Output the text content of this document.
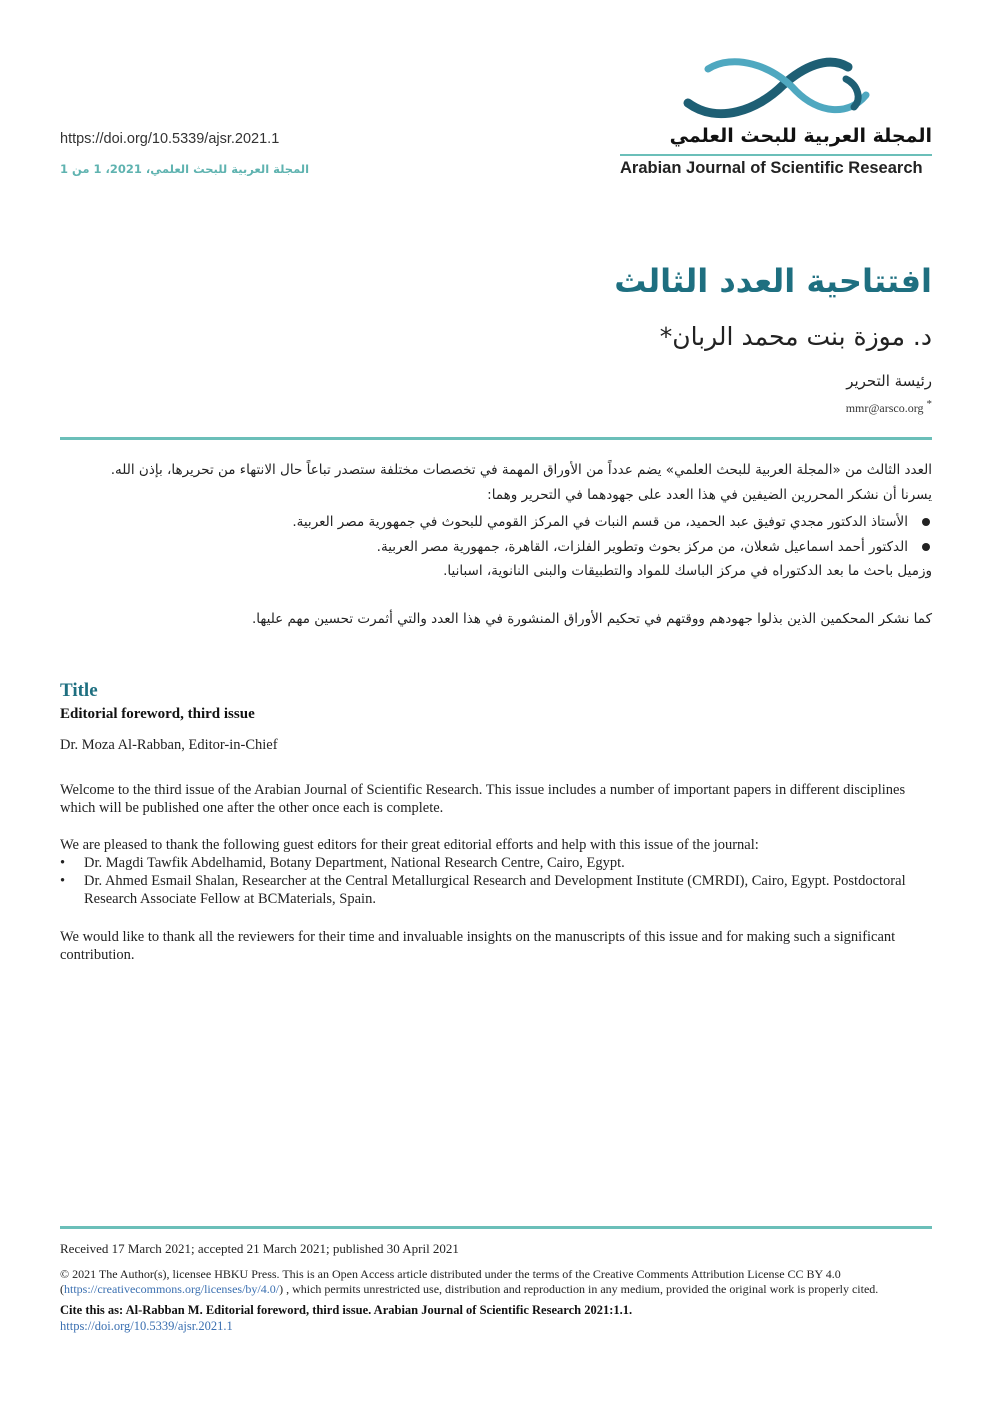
https://doi.org/10.5339/ajsr.2021.1
المجلة العربية للبحث العلمي، 2021، 1 من 1
المجلة العربية للبحث العلمي
Arabian Journal of Scientific Research
افتتاحية العدد الثالث
د. موزة بنت محمد الربان*
رئيسة التحرير
mmr@arsco.org *
العدد الثالث من «المجلة العربية للبحث العلمي» يضم عدداً من الأوراق المهمة في تخصصات مختلفة ستصدر تباعاً حال الانتهاء من تحريرها، بإذن الله.
يسرنا أن نشكر المحررين الضيفين في هذا العدد على جهودهما في التحرير وهما:
الأستاذ الدكتور مجدي توفيق عبد الحميد، من قسم النبات في المركز القومي للبحوث في جمهورية مصر العربية.
الدكتور أحمد اسماعيل شعلان، من مركز بحوث وتطوير الفلزات، القاهرة، جمهورية مصر العربية.
وزميل باحث ما بعد الدكتوراه في مركز الباسك للمواد والتطبيقات والبنى النانوية، اسبانيا.
كما نشكر المحكمين الذين بذلوا جهودهم ووقتهم في تحكيم الأوراق المنشورة في هذا العدد والتي أثمرت تحسين مهم عليها.
Title
Editorial foreword, third issue
Dr. Moza Al-Rabban, Editor-in-Chief
Welcome to the third issue of the Arabian Journal of Scientific Research. This issue includes a number of important papers in different disciplines which will be published one after the other once each is complete.
We are pleased to thank the following guest editors for their great editorial efforts and help with this issue of the journal:
• Dr. Magdi Tawfik Abdelhamid, Botany Department, National Research Centre, Cairo, Egypt.
• Dr. Ahmed Esmail Shalan, Researcher at the Central Metallurgical Research and Development Institute (CMRDI), Cairo, Egypt. Postdoctoral Research Associate Fellow at BCMaterials, Spain.
We would like to thank all the reviewers for their time and invaluable insights on the manuscripts of this issue and for making such a significant contribution.
Received 17 March 2021; accepted 21 March 2021; published 30 April 2021
© 2021 The Author(s), licensee HBKU Press. This is an Open Access article distributed under the terms of the Creative Comments Attribution License CC BY 4.0 (https://creativecommons.org/licenses/by/4.0/) , which permits unrestricted use, distribution and reproduction in any medium, provided the original work is properly cited.
Cite this as: Al-Rabban M. Editorial foreword, third issue. Arabian Journal of Scientific Research 2021:1.1.
https://doi.org/10.5339/ajsr.2021.1
